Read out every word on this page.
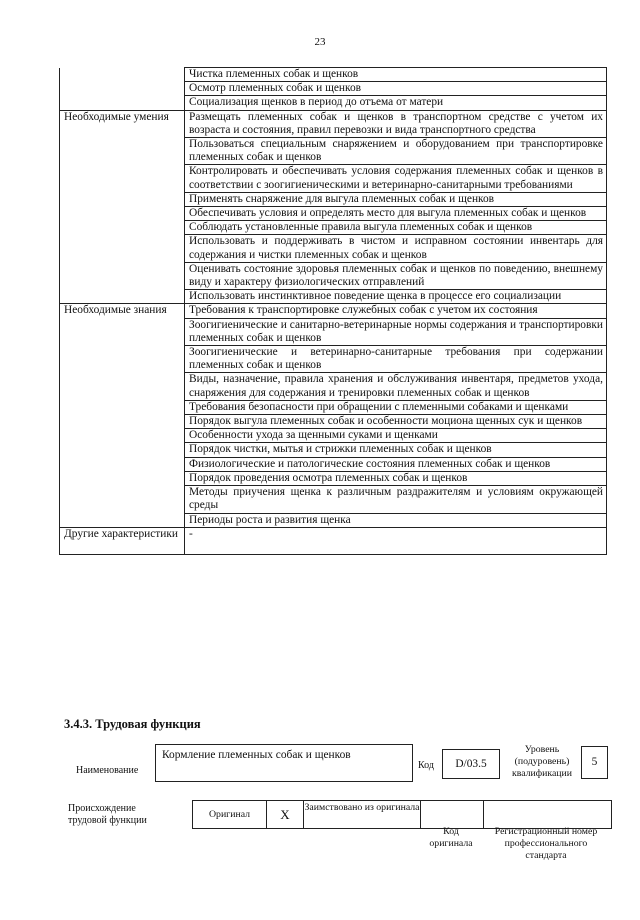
23
	Чистка племенных собак и щенков
	Осмотр племенных собак и щенков
	Социализация щенков в период до отъема от матери
Необходимые умения	Размещать племенных собак и щенков в транспортном средстве с учетом их возраста и состояния, правил перевозки и вида транспортного средства
	Пользоваться специальным снаряжением и оборудованием при транспортировке племенных собак и щенков
	Контролировать и обеспечивать условия содержания племенных собак и щенков в соответствии с зоогигиеническими и ветеринарно-санитарными требованиями
	Применять снаряжение для выгула племенных собак и щенков
	Обеспечивать условия и определять место для выгула племенных собак и щенков
	Соблюдать установленные правила выгула племенных собак и щенков
	Использовать и поддерживать в чистом и исправном состоянии инвентарь для содержания и чистки племенных собак и щенков
	Оценивать состояние здоровья племенных собак и щенков по поведению, внешнему виду и характеру физиологических отправлений
	Использовать инстинктивное поведение щенка в процессе его социализации
Необходимые знания	Требования к транспортировке служебных собак с учетом их состояния
	Зоогигиенические и санитарно-ветеринарные нормы содержания и транспортировки племенных собак и щенков
	Зоогигиенические и ветеринарно-санитарные требования при содержании племенных собак и щенков
	Виды, назначение, правила хранения и обслуживания инвентаря, предметов ухода, снаряжения для содержания и тренировки племенных собак и щенков
	Требования безопасности при обращении с племенными собаками и щенками
	Порядок выгула племенных собак и особенности моциона щенных сук и щенков
	Особенности ухода за щенными суками и щенками
	Порядок чистки, мытья и стрижки племенных собак и щенков
	Физиологические и патологические состояния племенных собак и щенков
	Порядок проведения осмотра племенных собак и щенков
	Методы приучения щенка к различным раздражителям и условиям окружающей среды
	Периоды роста и развития щенка
Другие характеристики	-
3.4.3. Трудовая функция
Наименование
Кормление племенных собак и щенков
Код	D/03.5
Уровень (подуровень) квалификации
5
Происхождение трудовой функции
Оригинал	X	Заимствовано из оригинала		
Код оригинала
Регистрационный номер профессионального стандарта
